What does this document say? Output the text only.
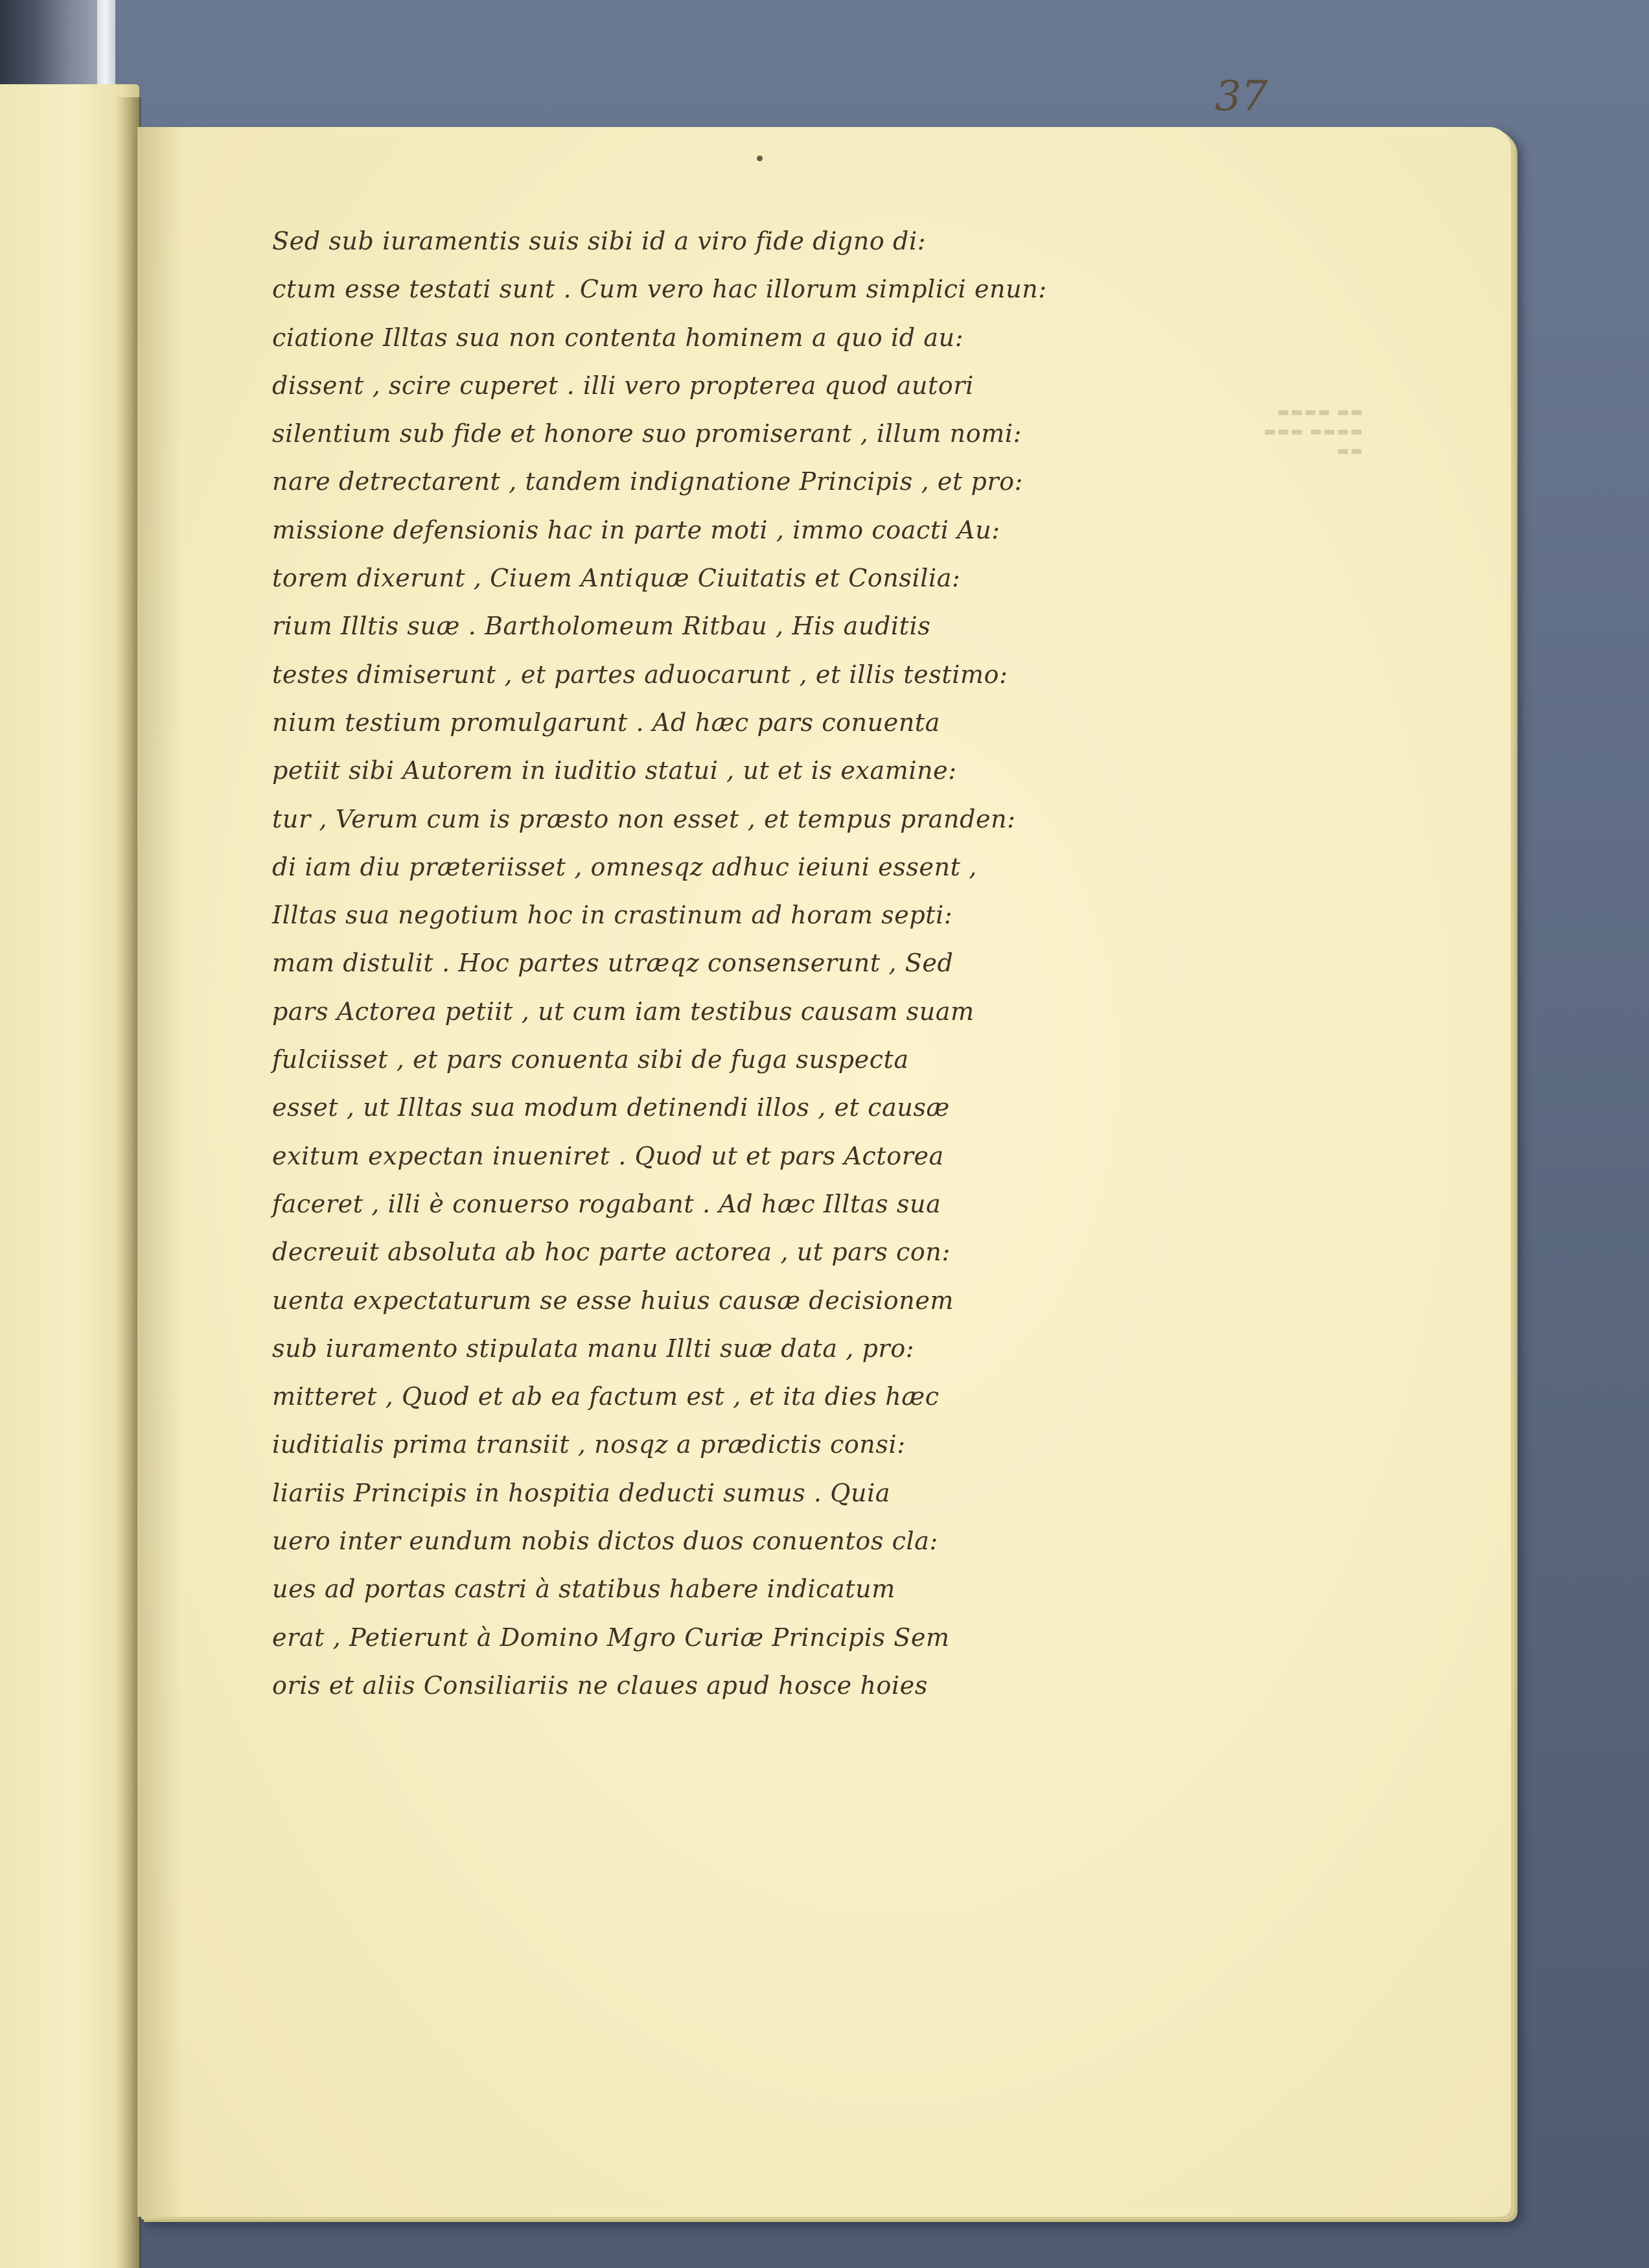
▬▬▬▬ ▬▬
▬▬▬ ▬▬▬▬
▬▬
37
Sed sub iuramentis suis sibi id a viro fide digno di:
ctum esse testati sunt . Cum vero hac illorum simplici enun:
ciatione Illtas sua non contenta hominem a quo id au:
dissent , scire cuperet . illi vero propterea quod autori
silentium sub fide et honore suo promiserant , illum nomi:
nare detrectarent , tandem indignatione Principis , et pro:
missione defensionis hac in parte moti , immo coacti Au:
torem dixerunt , Ciuem Antiquæ Ciuitatis et Consilia:
rium Illtis suæ . Bartholomeum Ritbau , His auditis
testes dimiserunt , et partes aduocarunt , et illis testimo:
nium testium promulgarunt . Ad hæc pars conuenta
petiit sibi Autorem in iuditio statui , ut et is examine:
tur , Verum cum is præsto non esset , et tempus pranden:
di iam diu præteriisset , omnesqz adhuc ieiuni essent ,
Illtas sua negotium hoc in crastinum ad horam septi:
mam distulit . Hoc partes utræqz consenserunt , Sed
pars Actorea petiit , ut cum iam testibus causam suam
fulciisset , et pars conuenta sibi de fuga suspecta
esset , ut Illtas sua modum detinendi illos , et causæ
exitum expectan inueniret . Quod ut et pars Actorea
faceret , illi è conuerso rogabant . Ad hæc Illtas sua
decreuit absoluta ab hoc parte actorea , ut pars con:
uenta expectaturum se esse huius causæ decisionem
sub iuramento stipulata manu Illti suæ data , pro:
mitteret , Quod et ab ea factum est , et ita dies hæc
iuditialis prima transiit , nosqz a prædictis consi:
liariis Principis in hospitia deducti sumus . Quia
uero inter eundum nobis dictos duos conuentos cla:
ues ad portas castri à statibus habere indicatum
erat , Petierunt à Domino Mgro Curiæ Principis Sem
oris et aliis Consiliariis ne claues apud hosce hoies
